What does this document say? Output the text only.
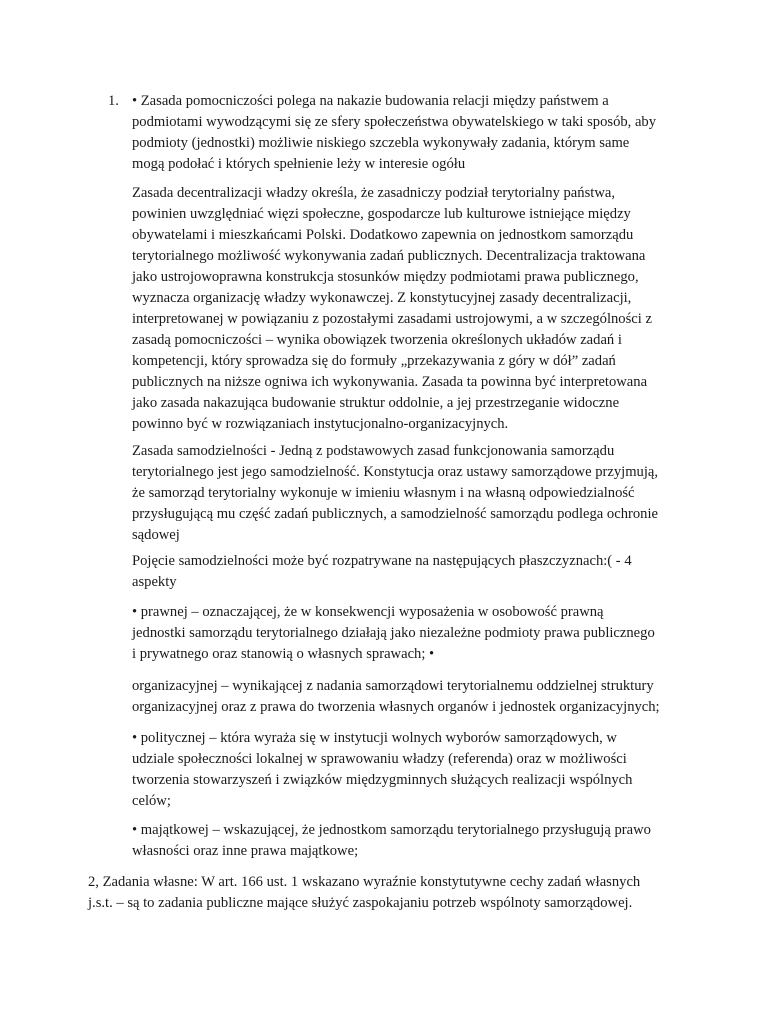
1. • Zasada pomocniczości polega na nakazie budowania relacji między państwem a
podmiotami wywodzącymi się ze sfery społeczeństwa obywatelskiego w taki sposób, aby
podmioty (jednostki) możliwie niskiego szczebla wykonywały zadania, którym same
mogą podołać i których spełnienie leży w interesie ogółu
Zasada decentralizacji władzy określa, że zasadniczy podział terytorialny państwa,
powinien uwzględniać więzi społeczne, gospodarcze lub kulturowe istniejące między
obywatelami i mieszkańcami Polski. Dodatkowo zapewnia on jednostkom samorządu
terytorialnego możliwość wykonywania zadań publicznych. Decentralizacja traktowana
jako ustrojowoprawna konstrukcja stosunków między podmiotami prawa publicznego,
wyznacza organizację władzy wykonawczej. Z konstytucyjnej zasady decentralizacji,
interpretowanej w powiązaniu z pozostałymi zasadami ustrojowymi, a w szczególności z
zasadą pomocniczości – wynika obowiązek tworzenia określonych układów zadań i
kompetencji, który sprowadza się do formuły „przekazywania z góry w dół” zadań
publicznych na niższe ogniwa ich wykonywania. Zasada ta powinna być interpretowana
jako zasada nakazująca budowanie struktur oddolnie, a jej przestrzeganie widoczne
powinno być w rozwiązaniach instytucjonalno-organizacyjnych.
Zasada samodzielności - Jedną z podstawowych zasad funkcjonowania samorządu
terytorialnego jest jego samodzielność. Konstytucja oraz ustawy samorządowe przyjmują,
że samorząd terytorialny wykonuje w imieniu własnym i na własną odpowiedzialność
przysługującą mu część zadań publicznych, a samodzielność samorządu podlega ochronie
sądowej
Pojęcie samodzielności może być rozpatrywane na następujących płaszczyznach:( - 4
aspekty
• prawnej – oznaczającej, że w konsekwencji wyposażenia w osobowość prawną
jednostki samorządu terytorialnego działają jako niezależne podmioty prawa publicznego
i prywatnego oraz stanowią o własnych sprawach; •
organizacyjnej – wynikającej z nadania samorządowi terytorialnemu oddzielnej struktury
organizacyjnej oraz z prawa do tworzenia własnych organów i jednostek organizacyjnych;
• politycznej – która wyraża się w instytucji wolnych wyborów samorządowych, w
udziale społeczności lokalnej w sprawowaniu władzy (referenda) oraz w możliwości
tworzenia stowarzyszeń i związków międzygminnych służących realizacji wspólnych
celów;
• majątkowej – wskazującej, że jednostkom samorządu terytorialnego przysługują prawo
własności oraz inne prawa majątkowe;
2, Zadania własne: W art. 166 ust. 1 wskazano wyraźnie konstytutywne cechy zadań własnych
j.s.t. – są to zadania publiczne mające służyć zaspokajaniu potrzeb wspólnoty samorządowej.
